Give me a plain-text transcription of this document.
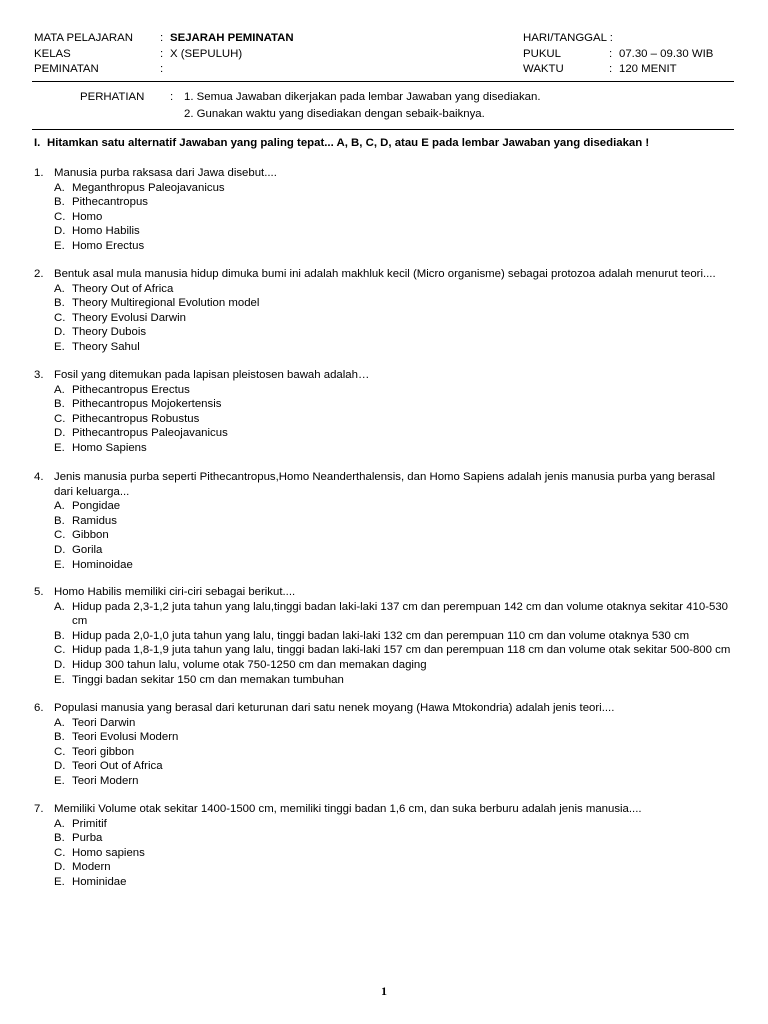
MATA PELAJARAN : SEJARAH PEMINATAN	HARI/TANGGAL :
KELAS	: X (SEPULUH)	PUKUL	: 07.30 – 09.30 WIB
PEMINATAN	:	WAKTU	: 120 MENIT
PERHATIAN : 1. Semua Jawaban dikerjakan pada lembar Jawaban yang disediakan.
2. Gunakan waktu yang disediakan dengan sebaik-baiknya.
I. Hitamkan satu alternatif Jawaban yang paling tepat... A, B, C, D, atau E pada lembar Jawaban yang disediakan !
1. Manusia purba raksasa dari Jawa disebut....
A. Meganthropus Paleojavanicus
B. Pithecantropus
C. Homo
D. Homo Habilis
E. Homo Erectus
2. Bentuk asal mula manusia hidup dimuka bumi ini adalah makhluk kecil (Micro organisme) sebagai protozoa adalah menurut teori....
A. Theory Out of Africa
B. Theory Multiregional Evolution model
C. Theory Evolusi Darwin
D. Theory Dubois
E. Theory Sahul
3. Fosil yang ditemukan pada lapisan pleistosen bawah adalah…
A. Pithecantropus Erectus
B. Pithecantropus Mojokertensis
C. Pithecantropus Robustus
D. Pithecantropus Paleojavanicus
E. Homo Sapiens
4. Jenis manusia purba seperti Pithecantropus,Homo Neanderthalensis, dan Homo Sapiens adalah jenis manusia purba yang berasal dari keluarga...
A. Pongidae
B. Ramidus
C. Gibbon
D. Gorila
E. Hominoidae
5. Homo Habilis memiliki ciri-ciri sebagai berikut....
A. Hidup pada 2,3-1,2 juta tahun yang lalu,tinggi badan laki-laki 137 cm dan perempuan 142 cm dan volume otaknya sekitar 410-530 cm
B. Hidup pada 2,0-1,0 juta tahun yang lalu, tinggi badan laki-laki 132 cm dan perempuan 110 cm dan volume otaknya 530 cm
C. Hidup pada 1,8-1,9 juta tahun yang lalu, tinggi badan laki-laki 157 cm dan perempuan 118 cm dan volume otak sekitar 500-800 cm
D. Hidup 300 tahun lalu, volume otak 750-1250 cm dan memakan daging
E. Tinggi badan sekitar 150 cm dan memakan tumbuhan
6. Populasi manusia yang berasal dari keturunan dari satu nenek moyang (Hawa Mtokondria) adalah jenis teori....
A. Teori Darwin
B. Teori Evolusi Modern
C. Teori gibbon
D. Teori Out of Africa
E. Teori Modern
7. Memiliki Volume otak sekitar 1400-1500 cm, memiliki tinggi badan 1,6 cm, dan suka berburu adalah jenis manusia....
A. Primitif
B. Purba
C. Homo sapiens
D. Modern
E. Hominidae
1
